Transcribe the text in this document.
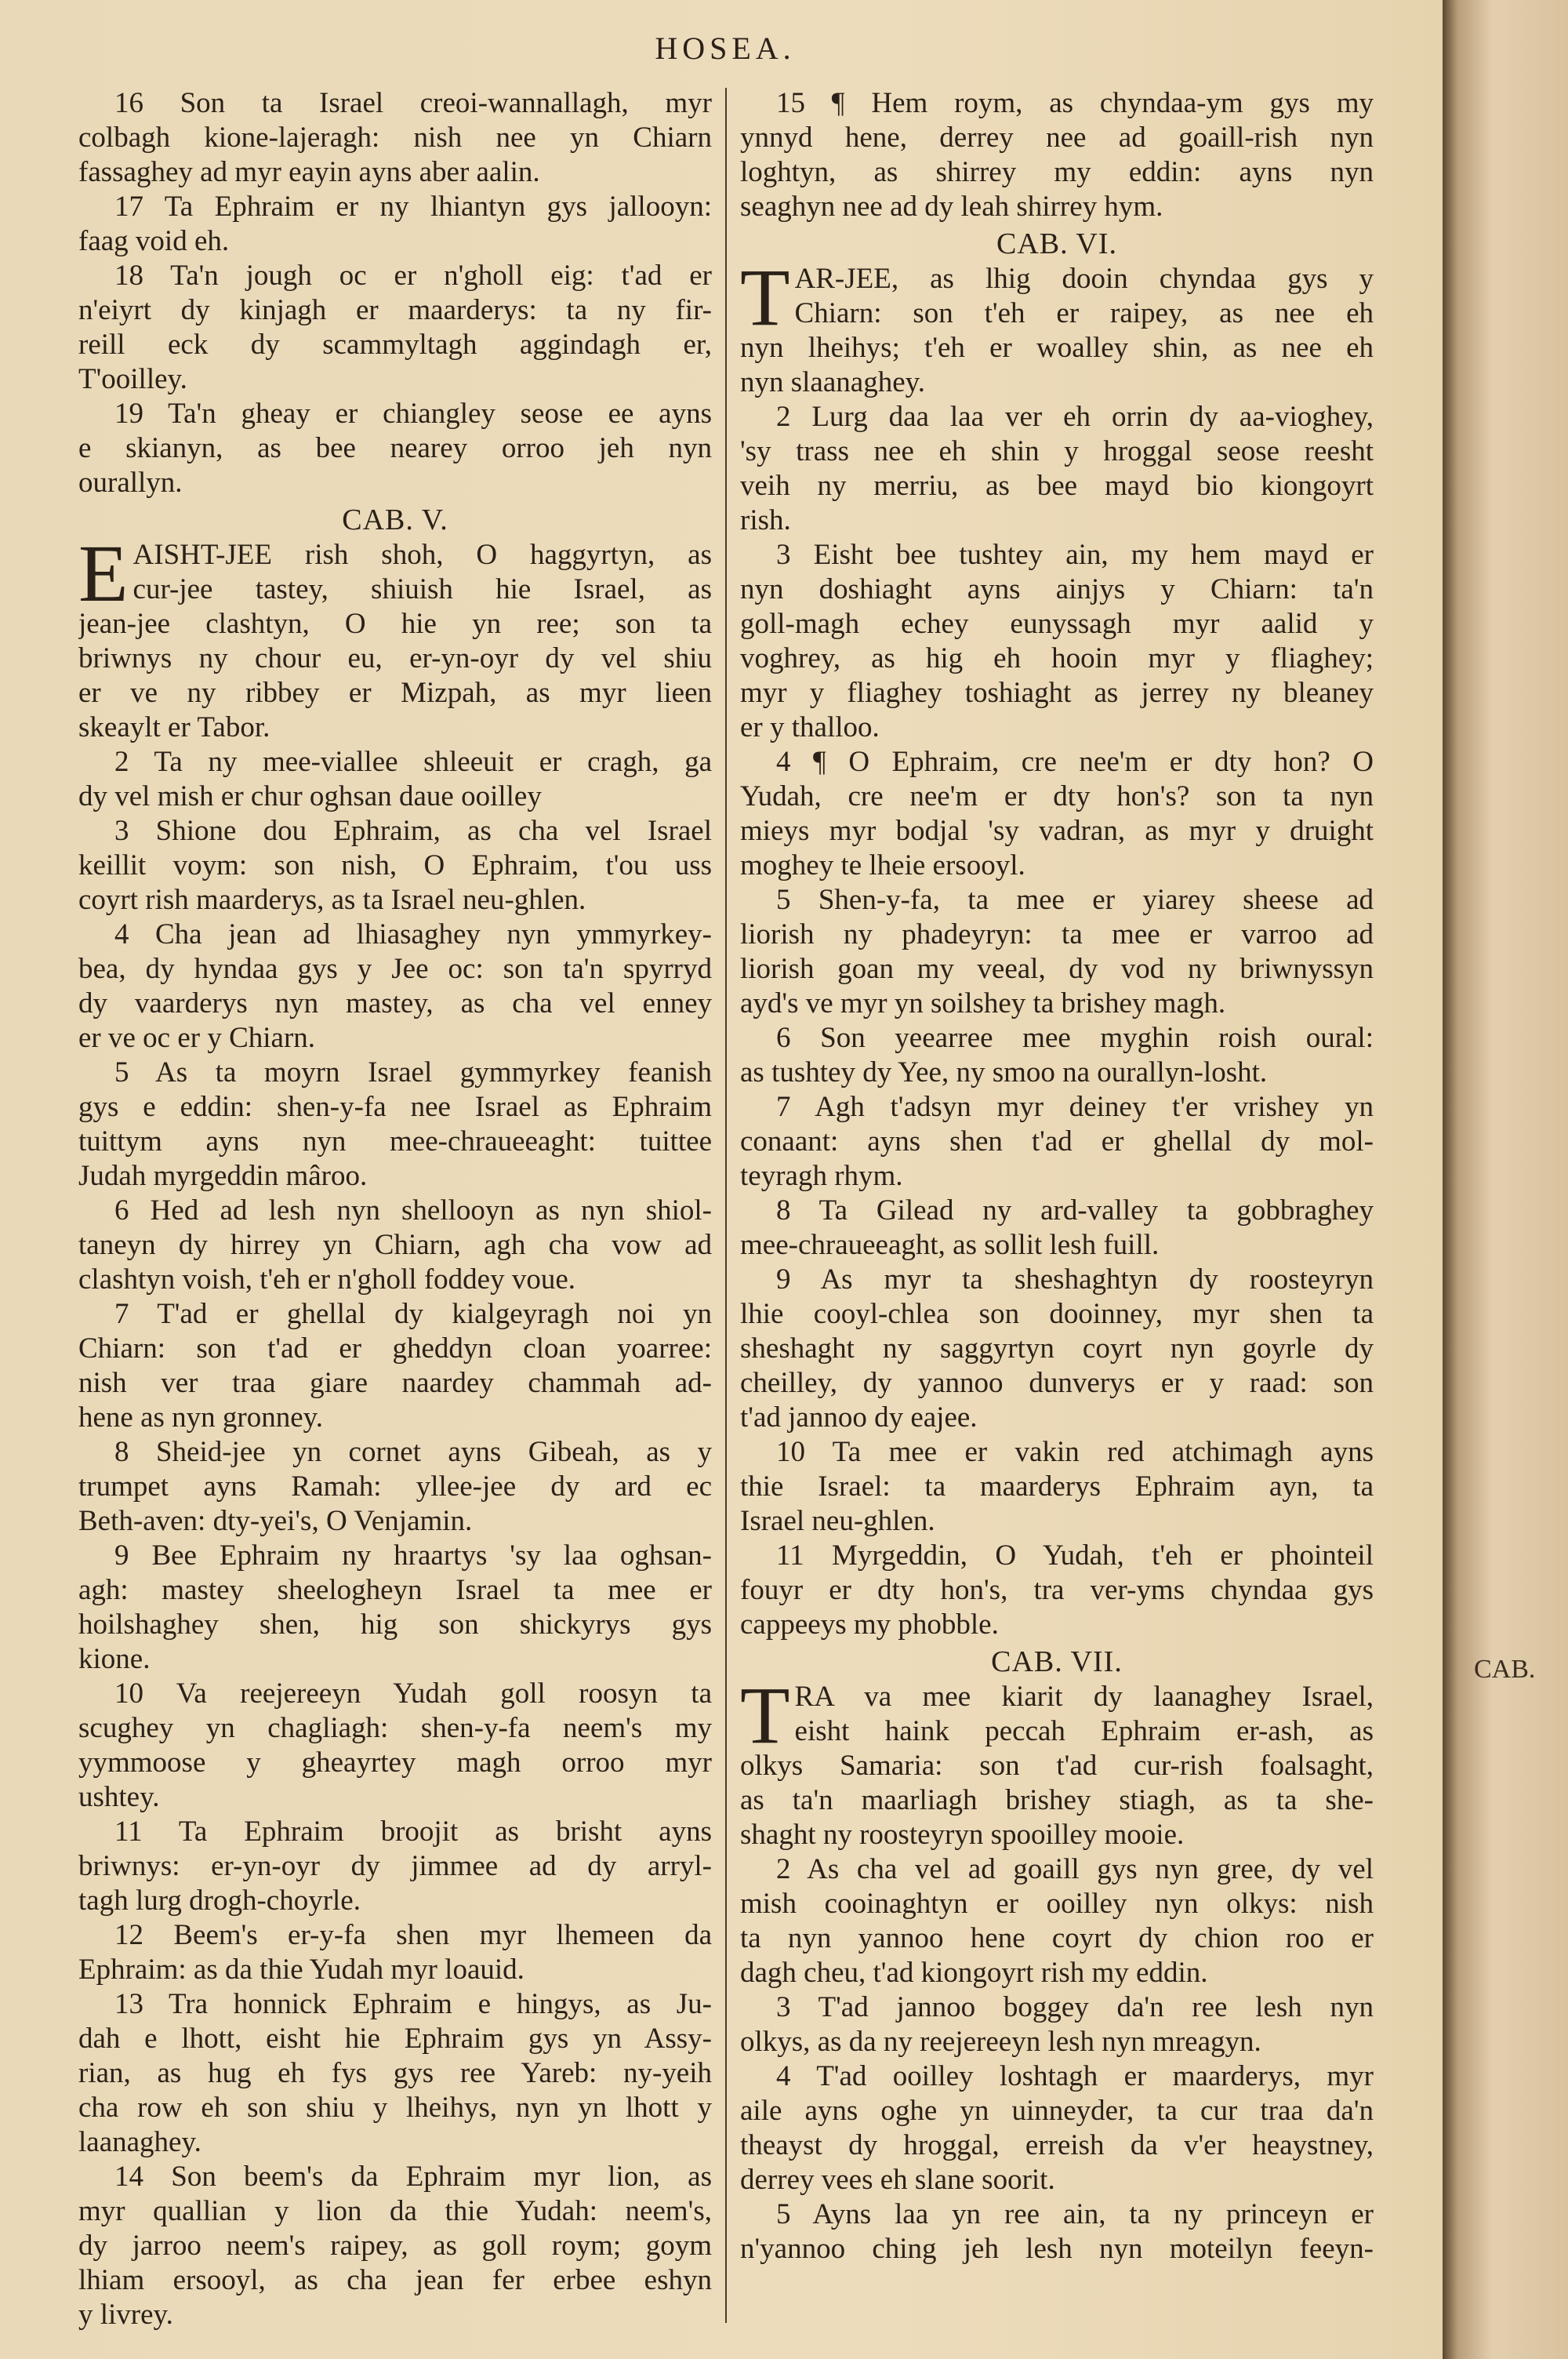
HOSEA.
16 Son ta Israel creoi-wannallagh, myr
colbagh kione-lajeragh: nish nee yn Chiarn
fassaghey ad myr eayin ayns aber aalin.
17 Ta Ephraim er ny lhiantyn gys jallooyn:
faag void eh.
18 Ta'n jough oc er n'gholl eig: t'ad er
n'eiyrt dy kinjagh er maarderys: ta ny fir-
reill eck dy scammyltagh aggindagh er,
T'ooilley.
19 Ta'n gheay er chiangley seose ee ayns
e skianyn, as bee nearey orroo jeh nyn
ourallyn.
CAB. V.
E AISHT-JEE rish shoh, O haggyrtyn, as
cur-jee tastey, shiuish hie Israel, as
jean-jee clashtyn, O hie yn ree; son ta
briwnys ny chour eu, er-yn-oyr dy vel shiu
er ve ny ribbey er Mizpah, as myr lieen
skeaylt er Tabor.
2 Ta ny mee-viallee shleeuit er cragh, ga
dy vel mish er chur oghsan daue ooilley
3 Shione dou Ephraim, as cha vel Israel
keillit voym: son nish, O Ephraim, t'ou uss
coyrt rish maarderys, as ta Israel neu-ghlen.
4 Cha jean ad lhiasaghey nyn ymmyrkey-
bea, dy hyndaa gys y Jee oc: son ta'n spyrryd
dy vaarderys nyn mastey, as cha vel enney
er ve oc er y Chiarn.
5 As ta moyrn Israel gymmyrkey feanish
gys e eddin: shen-y-fa nee Israel as Ephraim
tuittym ayns nyn mee-chraueeaght: tuittee
Judah myrgeddin mâroo.
6 Hed ad lesh nyn shellooyn as nyn shiol-
taneyn dy hirrey yn Chiarn, agh cha vow ad
clashtyn voish, t'eh er n'gholl foddey voue.
7 T'ad er ghellal dy kialgeyragh noi yn
Chiarn: son t'ad er gheddyn cloan yoarree:
nish ver traa giare naardey chammah ad-
hene as nyn gronney.
8 Sheid-jee yn cornet ayns Gibeah, as y
trumpet ayns Ramah: yllee-jee dy ard ec
Beth-aven: dty-yei's, O Venjamin.
9 Bee Ephraim ny hraartys 'sy laa oghsan-
agh: mastey sheelogheyn Israel ta mee er
hoilshaghey shen, hig son shickyrys gys
kione.
10 Va reejereeyn Yudah goll roosyn ta
scughey yn chagliagh: shen-y-fa neem's my
yymmoose y gheayrtey magh orroo myr
ushtey.
11 Ta Ephraim broojit as brisht ayns
briwnys: er-yn-oyr dy jimmee ad dy arryl-
tagh lurg drogh-choyrle.
12 Beem's er-y-fa shen myr lhemeen da
Ephraim: as da thie Yudah myr loauid.
13 Tra honnick Ephraim e hingys, as Ju-
dah e lhott, eisht hie Ephraim gys yn Assy-
rian, as hug eh fys gys ree Yareb: ny-yeih
cha row eh son shiu y lheihys, nyn yn lhott y
laanaghey.
14 Son beem's da Ephraim myr lion, as
myr quallian y lion da thie Yudah: neem's,
dy jarroo neem's raipey, as goll roym; goym
lhiam ersooyl, as cha jean fer erbee eshyn
y livrey.
15 ¶ Hem roym, as chyndaa-ym gys my
ynnyd hene, derrey nee ad goaill-rish nyn
loghtyn, as shirrey my eddin: ayns nyn
seaghyn nee ad dy leah shirrey hym.
CAB. VI.
T AR-JEE, as lhig dooin chyndaa gys y
Chiarn: son t'eh er raipey, as nee eh
nyn lheihys; t'eh er woalley shin, as nee eh
nyn slaanaghey.
2 Lurg daa laa ver eh orrin dy aa-vioghey,
'sy trass nee eh shin y hroggal seose reesht
veih ny merriu, as bee mayd bio kiongoyrt
rish.
3 Eisht bee tushtey ain, my hem mayd er
nyn doshiaght ayns ainjys y Chiarn: ta'n
goll-magh echey eunyssagh myr aalid y
voghrey, as hig eh hooin myr y fliaghey;
myr y fliaghey toshiaght as jerrey ny bleaney
er y thalloo.
4 ¶ O Ephraim, cre nee'm er dty hon? O
Yudah, cre nee'm er dty hon's? son ta nyn
mieys myr bodjal 'sy vadran, as myr y druight
moghey te lheie ersooyl.
5 Shen-y-fa, ta mee er yiarey sheese ad
liorish ny phadeyryn: ta mee er varroo ad
liorish goan my veeal, dy vod ny briwnyssyn
ayd's ve myr yn soilshey ta brishey magh.
6 Son yeearree mee myghin roish oural:
as tushtey dy Yee, ny smoo na ourallyn-losht.
7 Agh t'adsyn myr deiney t'er vrishey yn
conaant: ayns shen t'ad er ghellal dy mol-
teyragh rhym.
8 Ta Gilead ny ard-valley ta gobbraghey
mee-chraueeaght, as sollit lesh fuill.
9 As myr ta sheshaghtyn dy roosteyryn
lhie cooyl-chlea son dooinney, myr shen ta
sheshaght ny saggyrtyn coyrt nyn goyrle dy
cheilley, dy yannoo dunverys er y raad: son
t'ad jannoo dy eajee.
10 Ta mee er vakin red atchimagh ayns
thie Israel: ta maarderys Ephraim ayn, ta
Israel neu-ghlen.
11 Myrgeddin, O Yudah, t'eh er phointeil
fouyr er dty hon's, tra ver-yms chyndaa gys
cappeeys my phobble.
CAB. VII.
T RA va mee kiarit dy laanaghey Israel,
eisht haink peccah Ephraim er-ash, as
olkys Samaria: son t'ad cur-rish foalsaght,
as ta'n maarliagh brishey stiagh, as ta she-
shaght ny roosteyryn spooilley mooie.
2 As cha vel ad goaill gys nyn gree, dy vel
mish cooinaghtyn er ooilley nyn olkys: nish
ta nyn yannoo hene coyrt dy chion roo er
dagh cheu, t'ad kiongoyrt rish my eddin.
3 T'ad jannoo boggey da'n ree lesh nyn
olkys, as da ny reejereeyn lesh nyn mreagyn.
4 T'ad ooilley loshtagh er maarderys, myr
aile ayns oghe yn uinneyder, ta cur traa da'n
theayst dy hroggal, erreish da v'er heaystney,
derrey vees eh slane soorit.
5 Ayns laa yn ree ain, ta ny princeyn er
n'yannoo ching jeh lesh nyn moteilyn feeyn-
CAB.
